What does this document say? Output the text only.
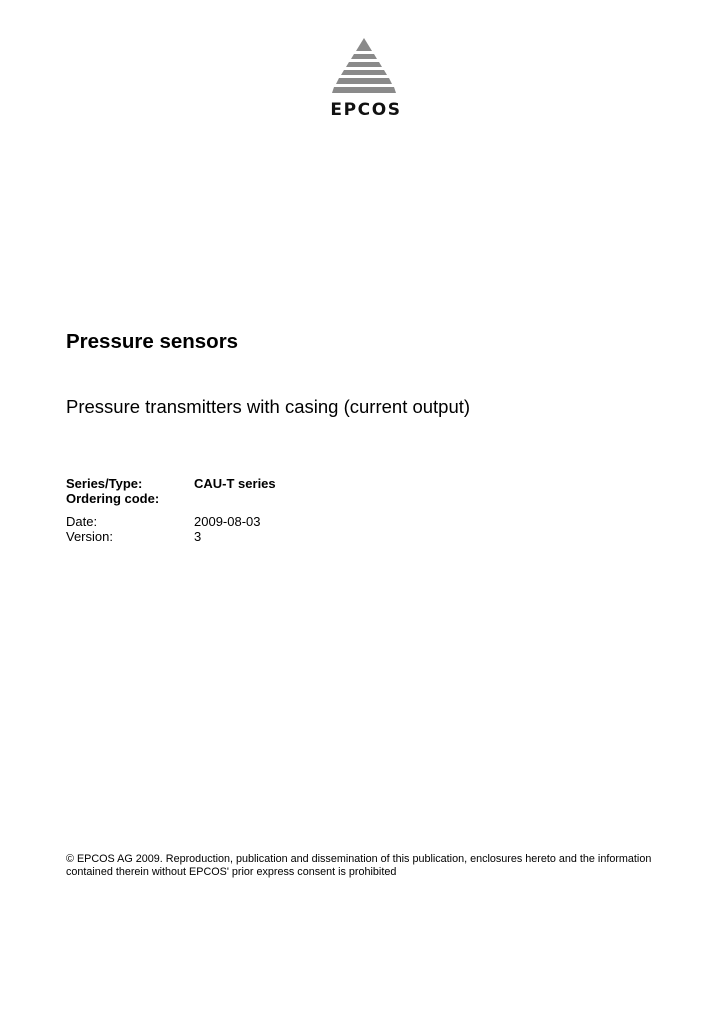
EPCOS
Pressure sensors
Pressure transmitters with casing (current output)
Series/Type:	CAU-T series
Ordering code:
Date:	2009-08-03
Version:	3
© EPCOS AG 2009. Reproduction, publication and dissemination of this publication, enclosures hereto and the information
contained therein without EPCOS' prior express consent is prohibited
